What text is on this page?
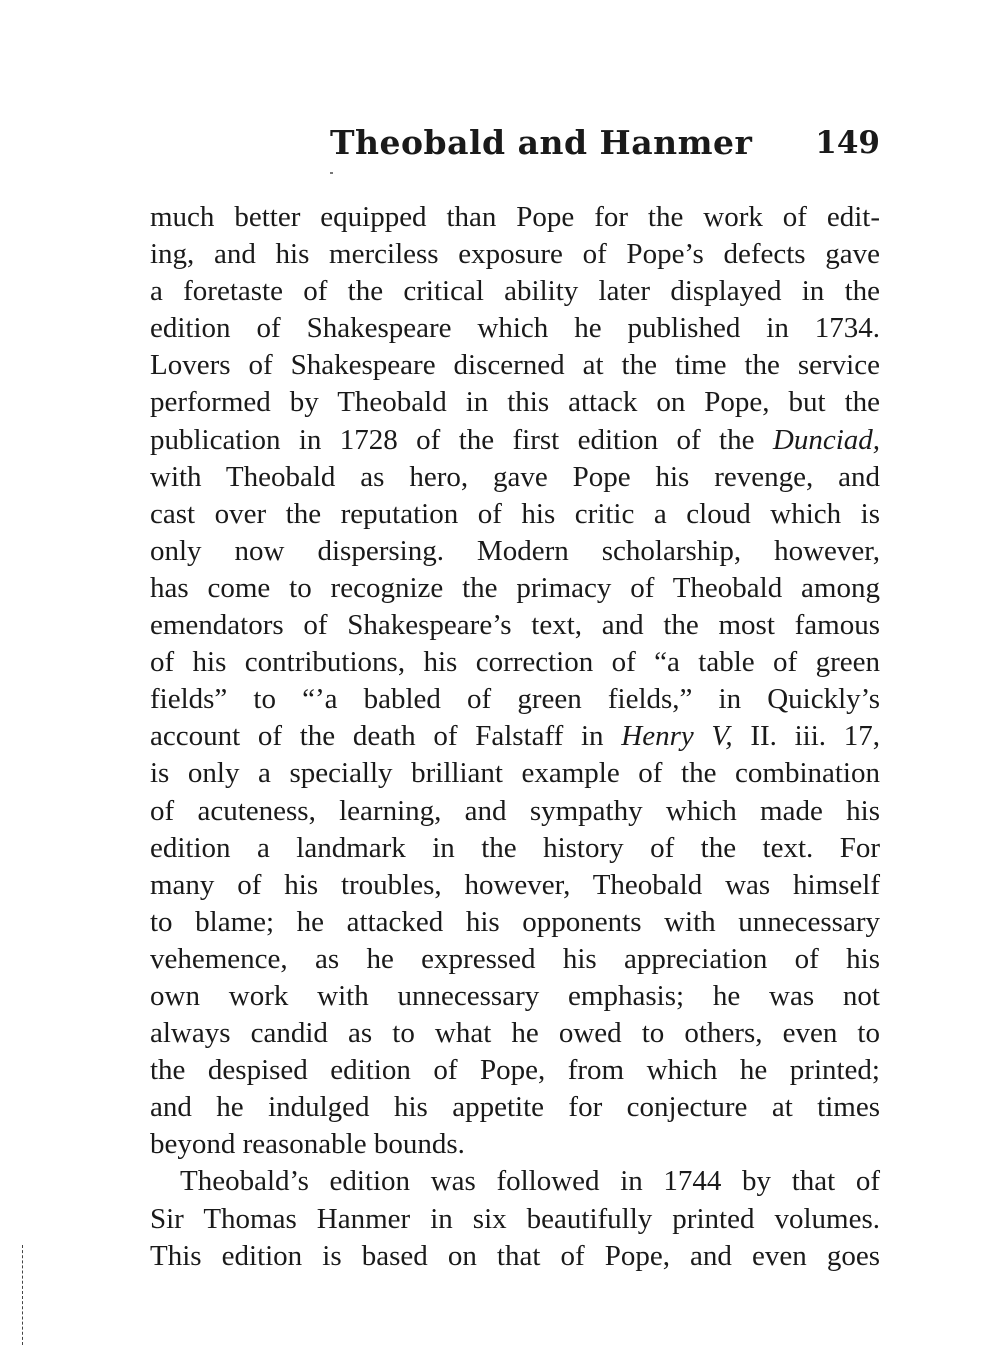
Theobald and Hanmer 149
much better equipped than Pope for the work of edit-
ing, and his merciless exposure of Pope’s defects gave
a foretaste of the critical ability later displayed in the
edition of Shakespeare which he published in 1734.
Lovers of Shakespeare discerned at the time the service
performed by Theobald in this attack on Pope, but the
publication in 1728 of the first edition of the Dunciad,
with Theobald as hero, gave Pope his revenge, and
cast over the reputation of his critic a cloud which is
only now dispersing. Modern scholarship, however,
has come to recognize the primacy of Theobald among
emendators of Shakespeare’s text, and the most famous
of his contributions, his correction of “a table of green
fields” to “’a babled of green fields,” in Quickly’s
account of the death of Falstaff in Henry V, II. iii. 17,
is only a specially brilliant example of the combination
of acuteness, learning, and sympathy which made his
edition a landmark in the history of the text. For
many of his troubles, however, Theobald was himself
to blame; he attacked his opponents with unnecessary
vehemence, as he expressed his appreciation of his
own work with unnecessary emphasis; he was not
always candid as to what he owed to others, even to
the despised edition of Pope, from which he printed;
and he indulged his appetite for conjecture at times
beyond reasonable bounds.
Theobald’s edition was followed in 1744 by that of
Sir Thomas Hanmer in six beautifully printed volumes.
This edition is based on that of Pope, and even goes
